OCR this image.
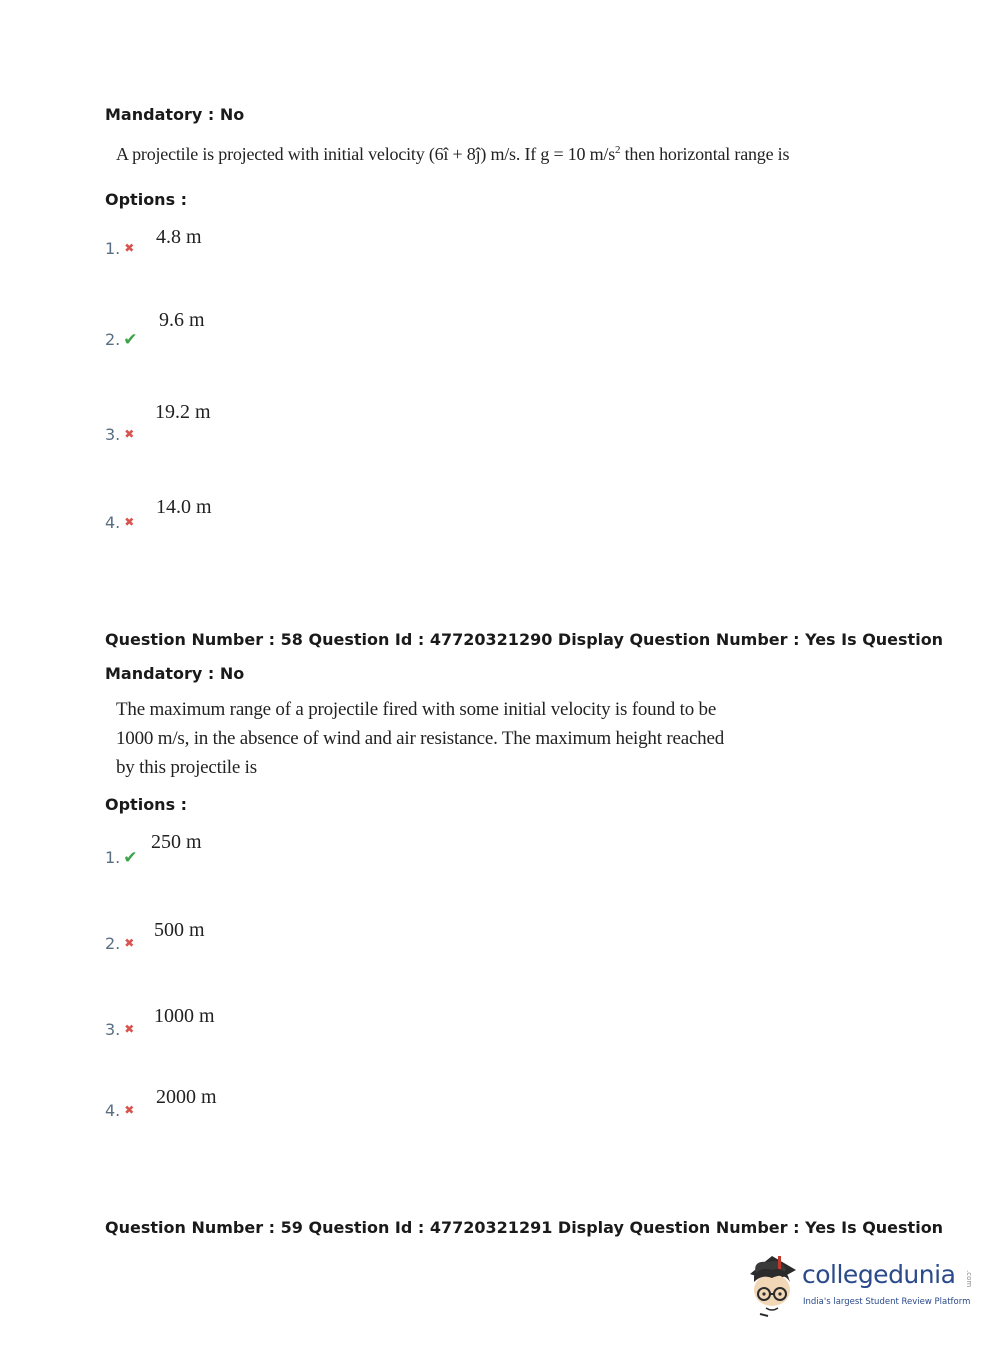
Mandatory : No
A projectile is projected with initial velocity (6î + 8ĵ) m/s. If g = 10 $m/s^2$ then horizontal range is
Options :
1. ✖ 4.8 m
2. ✔
9.6 m
3. ✖
19.2 m
4. ✖
14.0 m
Question Number : 58 Question Id : 47720321290 Display Question Number : Yes Is Question
Mandatory : No
The maximum range of a projectile fired with some initial velocity is found to be
1000 m/s, in the absence of wind and air resistance. The maximum height reached
by this projectile is
Options :
1. ✔
250 m
2. ✖
500 m
3. ✖
1000 m
4. ✖
2000 m
Question Number : 59 Question Id : 47720321291 Display Question Number : Yes Is Question
collegedunia .com
India's largest Student Review Platform
